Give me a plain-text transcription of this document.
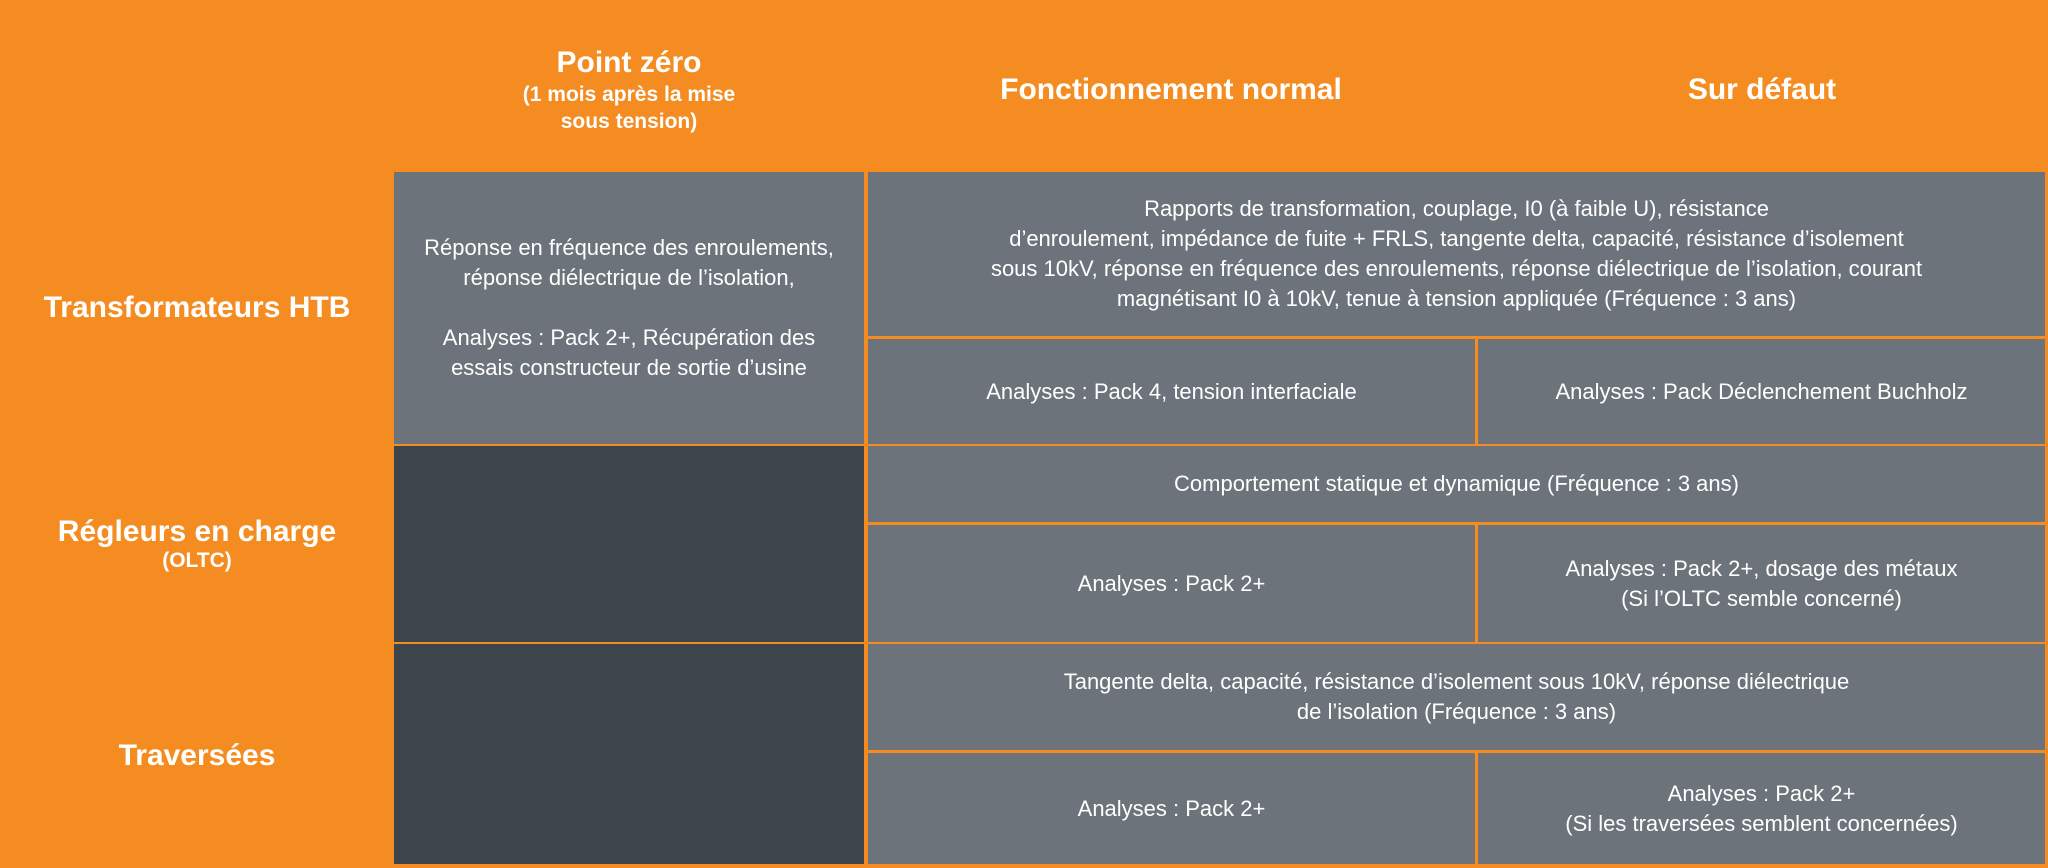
Point zéro
(1 mois après la mise
sous tension)
Fonctionnement normal	Sur défaut
Transformateurs HTB
Régleurs en charge
(OLTC)
Traversées
Réponse en fréquence des enroulements,
réponse diélectrique de l’isolation,

Analyses : Pack 2+, Récupération des
essais constructeur de sortie d’usine
Rapports de transformation, couplage, I0 (à faible U), résistance
d’enroulement, impédance de fuite + FRLS, tangente delta, capacité, résistance d’isolement
sous 10kV, réponse en fréquence des enroulements, réponse diélectrique de l’isolation, courant
magnétisant I0 à 10kV, tenue à tension appliquée (Fréquence : 3 ans)
Analyses : Pack 4, tension interfaciale	Analyses : Pack Déclenchement Buchholz
Comportement statique et dynamique (Fréquence : 3 ans)
Analyses : Pack 2+
Analyses : Pack 2+, dosage des métaux
(Si l’OLTC semble concerné)
Tangente delta, capacité, résistance d’isolement sous 10kV, réponse diélectrique
de l’isolation (Fréquence : 3 ans)
Analyses : Pack 2+
Analyses : Pack 2+
(Si les traversées semblent concernées)
